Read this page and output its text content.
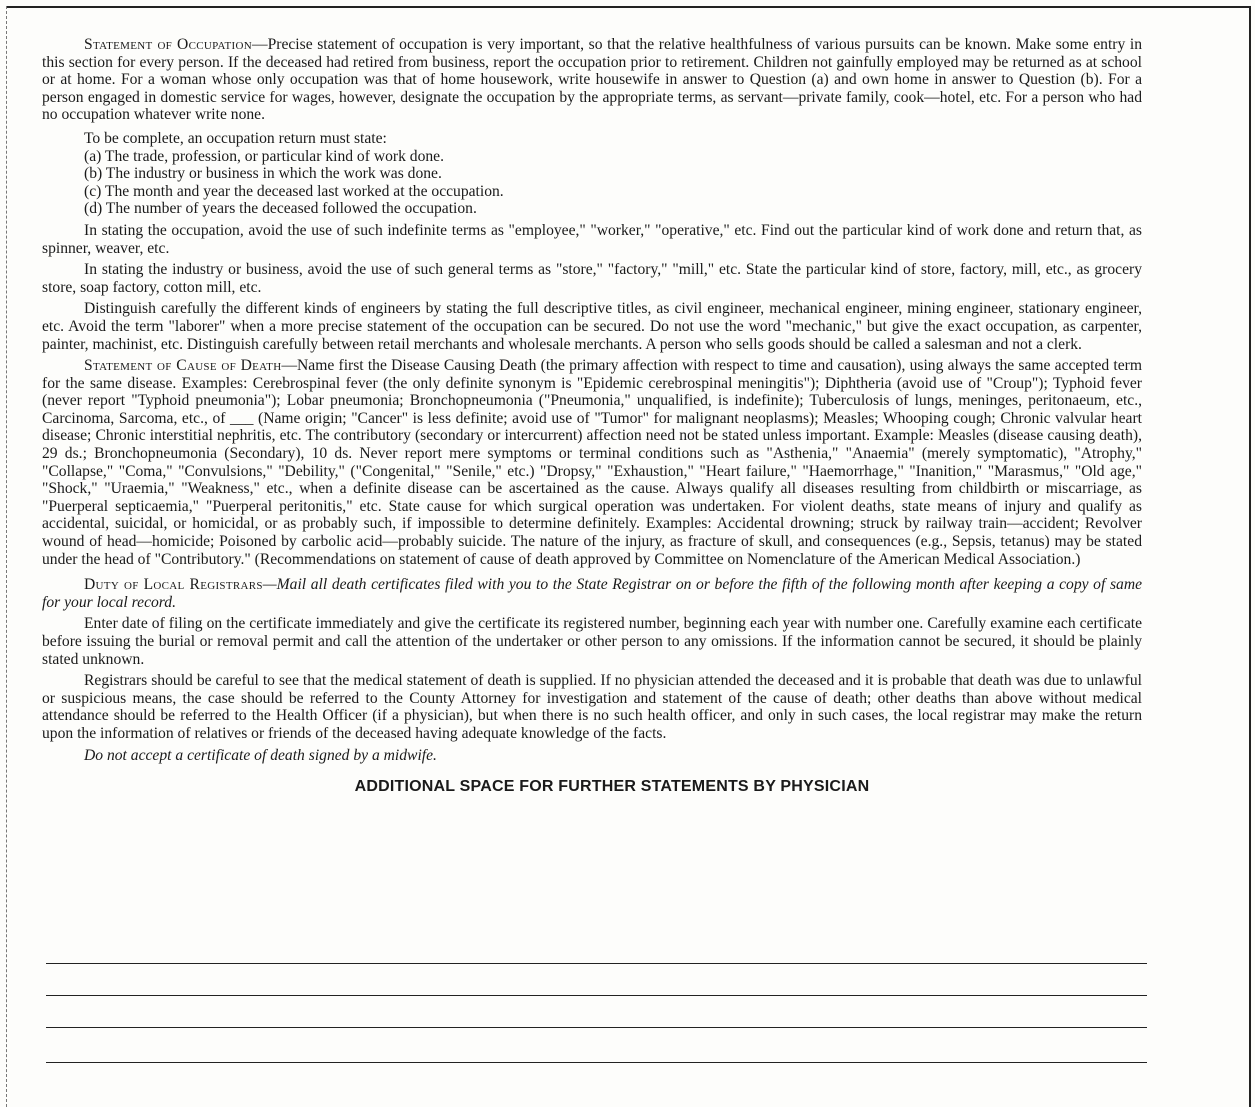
Statement of Occupation—Precise statement of occupation is very important, so that the relative healthfulness of various pursuits can be known. Make some entry in this section for every person. If the deceased had retired from business, report the occupation prior to retirement. Children not gainfully employed may be returned as at school or at home. For a woman whose only occupation was that of home housework, write housewife in answer to Question (a) and own home in answer to Question (b). For a person engaged in domestic service for wages, however, designate the occupation by the appropriate terms, as servant—private family, cook—hotel, etc. For a person who had no occupation whatever write none.

To be complete, an occupation return must state:

(a) The trade, profession, or particular kind of work done.
(b) The industry or business in which the work was done.
(c) The month and year the deceased last worked at the occupation.
(d) The number of years the deceased followed the occupation.

In stating the occupation, avoid the use of such indefinite terms as "employee," "worker," "operative," etc. Find out the particular kind of work done and return that, as spinner, weaver, etc.

In stating the industry or business, avoid the use of such general terms as "store," "factory," "mill," etc. State the particular kind of store, factory, mill, etc., as grocery store, soap factory, cotton mill, etc.

Distinguish carefully the different kinds of engineers by stating the full descriptive titles, as civil engineer, mechanical engineer, mining engineer, stationary engineer, etc. Avoid the term "laborer" when a more precise statement of the occupation can be secured. Do not use the word "mechanic," but give the exact occupation, as carpenter, painter, machinist, etc. Distinguish carefully between retail merchants and wholesale merchants. A person who sells goods should be called a salesman and not a clerk.

Statement of Cause of Death—Name first the Disease Causing Death (the primary affection with respect to time and causation), using always the same accepted term for the same disease. Examples: Cerebrospinal fever (the only definite synonym is "Epidemic cerebrospinal meningitis"); Diphtheria (avoid use of "Croup"); Typhoid fever (never report "Typhoid pneumonia"); Lobar pneumonia; Bronchopneumonia ("Pneumonia," unqualified, is indefinite); Tuberculosis of lungs, meninges, peritonaeum, etc., Carcinoma, Sarcoma, etc., of ___ (Name origin; "Cancer" is less definite; avoid use of "Tumor" for malignant neoplasms); Measles; Whooping cough; Chronic valvular heart disease; Chronic interstitial nephritis, etc. The contributory (secondary or intercurrent) affection need not be stated unless important. Example: Measles (disease causing death), 29 ds.; Bronchopneumonia (Secondary), 10 ds. Never report mere symptoms or terminal conditions such as "Asthenia," "Anaemia" (merely symptomatic), "Atrophy," "Collapse," "Coma," "Convulsions," "Debility," ("Congenital," "Senile," etc.) "Dropsy," "Exhaustion," "Heart failure," "Haemorrhage," "Inanition," "Marasmus," "Old age," "Shock," "Uraemia," "Weakness," etc., when a definite disease can be ascertained as the cause. Always qualify all diseases resulting from childbirth or miscarriage, as "Puerperal septicaemia," "Puerperal peritonitis," etc. State cause for which surgical operation was undertaken. For violent deaths, state means of injury and qualify as accidental, suicidal, or homicidal, or as probably such, if impossible to determine definitely. Examples: Accidental drowning; struck by railway train—accident; Revolver wound of head—homicide; Poisoned by carbolic acid—probably suicide. The nature of the injury, as fracture of skull, and consequences (e.g., Sepsis, tetanus) may be stated under the head of "Contributory." (Recommendations on statement of cause of death approved by Committee on Nomenclature of the American Medical Association.)

Duty of Local Registrars—Mail all death certificates filed with you to the State Registrar on or before the fifth of the following month after keeping a copy of same for your local record.

Enter date of filing on the certificate immediately and give the certificate its registered number, beginning each year with number one. Carefully examine each certificate before issuing the burial or removal permit and call the attention of the undertaker or other person to any omissions. If the information cannot be secured, it should be plainly stated unknown.

Registrars should be careful to see that the medical statement of death is supplied. If no physician attended the deceased and it is probable that death was due to unlawful or suspicious means, the case should be referred to the County Attorney for investigation and statement of the cause of death; other deaths than above without medical attendance should be referred to the Health Officer (if a physician), but when there is no such health officer, and only in such cases, the local registrar may make the return upon the information of relatives or friends of the deceased having adequate knowledge of the facts.

Do not accept a certificate of death signed by a midwife.

ADDITIONAL SPACE FOR FURTHER STATEMENTS BY PHYSICIAN
